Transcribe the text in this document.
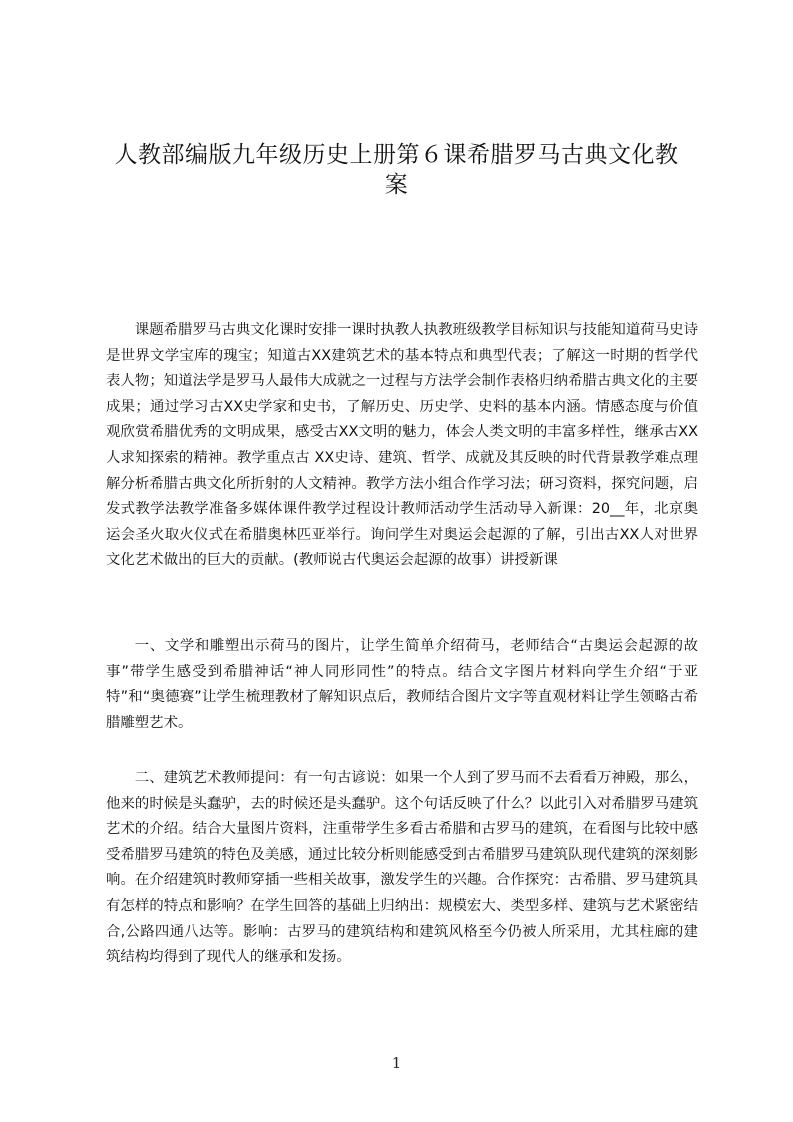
人教部编版九年级历史上册第６课希腊罗马古典文化教
案

课题希腊罗马古典文化课时安排一课时执教人执教班级教学目标知识与技能知道荷马史诗是世界文学宝库的瑰宝；知道古XX建筑艺术的基本特点和典型代表；了解这一时期的哲学代表人物；知道法学是罗马人最伟大成就之一过程与方法学会制作表格归纳希腊古典文化的主要成果；通过学习古XX史学家和史书，了解历史、历史学、史料的基本内涵。情感态度与价值观欣赏希腊优秀的文明成果，感受古XX文明的魅力，体会人类文明的丰富多样性，继承古XX人求知探索的精神。教学重点古 XX史诗、建筑、哲学、成就及其反映的时代背景教学难点理解分析希腊古典文化所折射的人文精神。教学方法小组合作学习法；研习资料，探究问题，启发式教学法教学准备多媒体课件教学过程设计教师活动学生活动导入新课：20__年，北京奥运会圣火取火仪式在希腊奥林匹亚举行。询问学生对奥运会起源的了解，引出古XX人对世界文化艺术做出的巨大的贡献。(教师说古代奥运会起源的故事）讲授新课

一、文学和雕塑出示荷马的图片，让学生简单介绍荷马，老师结合“古奥运会起源的故事”带学生感受到希腊神话“神人同形同性”的特点。结合文字图片材料向学生介绍“于亚特”和“奥德赛”让学生梳理教材了解知识点后，教师结合图片文字等直观材料让学生领略古希腊雕塑艺术。

二、建筑艺术教师提问：有一句古谚说：如果一个人到了罗马而不去看看万神殿，那么，他来的时候是头蠢驴，去的时候还是头蠢驴。这个句话反映了什么？以此引入对希腊罗马建筑艺术的介绍。结合大量图片资料，注重带学生多看古希腊和古罗马的建筑，在看图与比较中感受希腊罗马建筑的特色及美感，通过比较分析则能感受到古希腊罗马建筑队现代建筑的深刻影响。在介绍建筑时教师穿插一些相关故事，激发学生的兴趣。合作探究：古希腊、罗马建筑具有怎样的特点和影响？在学生回答的基础上归纳出：规模宏大、类型多样、建筑与艺术紧密结合,公路四通八达等。影响：古罗马的建筑结构和建筑风格至今仍被人所采用，尤其柱廊的建筑结构均得到了现代人的继承和发扬。

1
